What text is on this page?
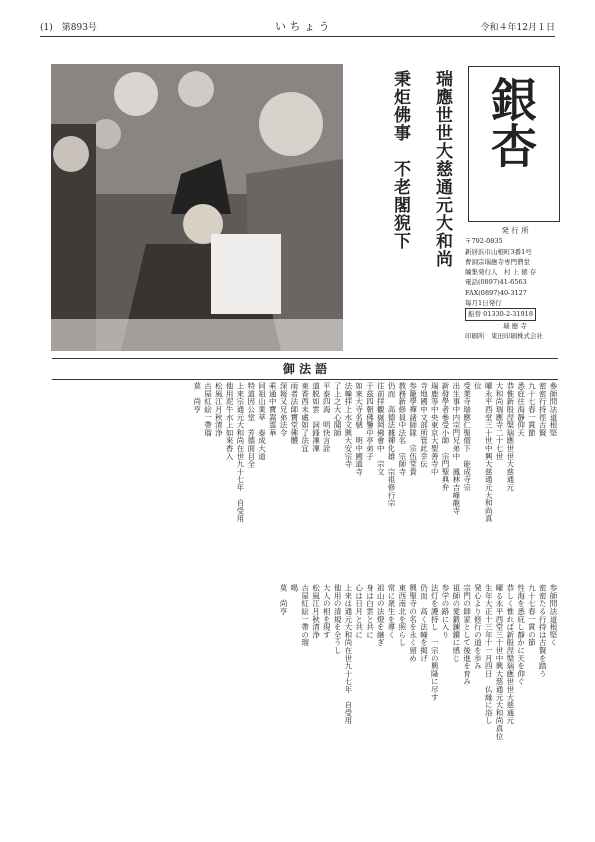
(1)　第893号	い ち ょ う	令和４年12月１日
瑞應世世大慈通元大和尚
秉炬佛事　不老閣猊下 銀杏
発 行 所
〒792-0835
新居浜市山根町3番1号
曹洞宗瑞應寺専門僧堂
編集発行人　村 上 徳 存
電話(0897)41-6563
FAX(0897)40-3127
毎月1日発行
振替 01330-2-31918
瑞 應 寺
印刷所　東田印刷株式会社
御 法 語
參師問法道根堅
密密行持徑古賢
九十七春一貫節
悉庇往海靜仰天
恭惟新般涅槃瑞應世世大慈通元
大和尚瑞應寺二十七世
曜永平西堂三十世中興大慈通元大和尚真位
受業寺瑞應仁聖僧下　能成寺宗
出生事中内宗門兄弟中　鳳林吉峰龍寺
新發學者參受小師　宗門聖典弁
瑞鹿等中央東京大聖善寺中
寺地國中文部所管此幸伝
参籠學禪諸師隊　宗伍堂貴
教務新修員中法名　宗師寺
仍而　高德法據禪化雄　宗祖修行宗
往前拝觀嶽岡佛會中　宗文
于茲四朝佛鑒中亭弟子
如來大寺名號　明中國道寺
法幢拝上水文興大安宗寺
了上之大心聞師
平泰四海　明快言詮
道脱如雲　詞鋒凜凜
東香西未處如了法宜
雨者法師寶堂佛體
深報又兄弟法令
乘通中寶嵩霊華
同祖山業萃　泰成大道
特道因公堂　芳德面目全
上来宗通元大和尚在世九十七年　自受用
他用泥牛水上如來香入
松風江月秋清浄
古屋紅絵一帶瑠
莫　尚亨
参師問法道根堅く
密密たる行持は古賢を踏う
九十七春一貫の節
性海を悉庇し靜かに天を仰ぐ
恭しく惟れば新般涅槃瑞應世世大慈通元
曜る永平西堂三十世中興大慈通元大和尚真位
生年大正十三年十一月四日　仏縁に浴し
発心より修行の道を歩み
宗門の師家として後進を育み
祖師の愛鍛錬鑚に感じ
参学の路に入り
法灯を護持し　一宗の興隆に尽す
仍而　高く法幢を掲げ
興聖寺の名を永く留め
東西南北を照らし
常に衆生を導く
祖山の法燈を継ぎ
身は白雲と共に
心は日月と共に
上来は通元大和尚在世九十七年　自受用
他用の清規を全うし
大人の相を現す
松風江月秋清浄
古屋紅絵一帶の瑠
喝
莫　尚亨
